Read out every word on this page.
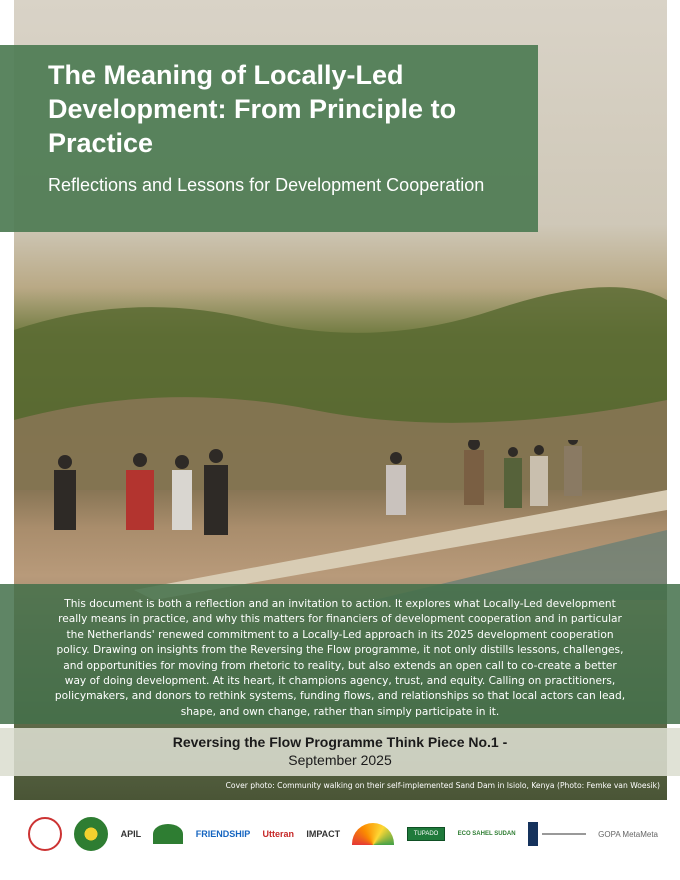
The Meaning of Locally-Led Development: From Principle to Practice

Reflections and Lessons for Development Cooperation

This document is both a reflection and an invitation to action. It explores what Locally-Led development really means in practice, and why this matters for financiers of development cooperation and in particular the Netherlands' renewed commitment to a Locally-Led approach in its 2025 development cooperation policy. Drawing on insights from the Reversing the Flow programme, it not only distills lessons, challenges, and opportunities for moving from rhetoric to reality, but also extends an open call to co-create a better way of doing development. At its heart, it champions agency, trust, and equity. Calling on practitioners, policymakers, and donors to rethink systems, funding flows, and relationships so that local actors can lead, shape, and own change, rather than simply participate in it.

Reversing the Flow Programme Think Piece No.1 -
September 2025
Cover photo: Community walking on their self-implemented Sand Dam in Isiolo, Kenya (Photo: Femke van Woesik)
APIL	FRIENDSHIP Utteran IMPACT	TUPADO	ECO SAHEL SUDAN	GOPA MetaMeta
